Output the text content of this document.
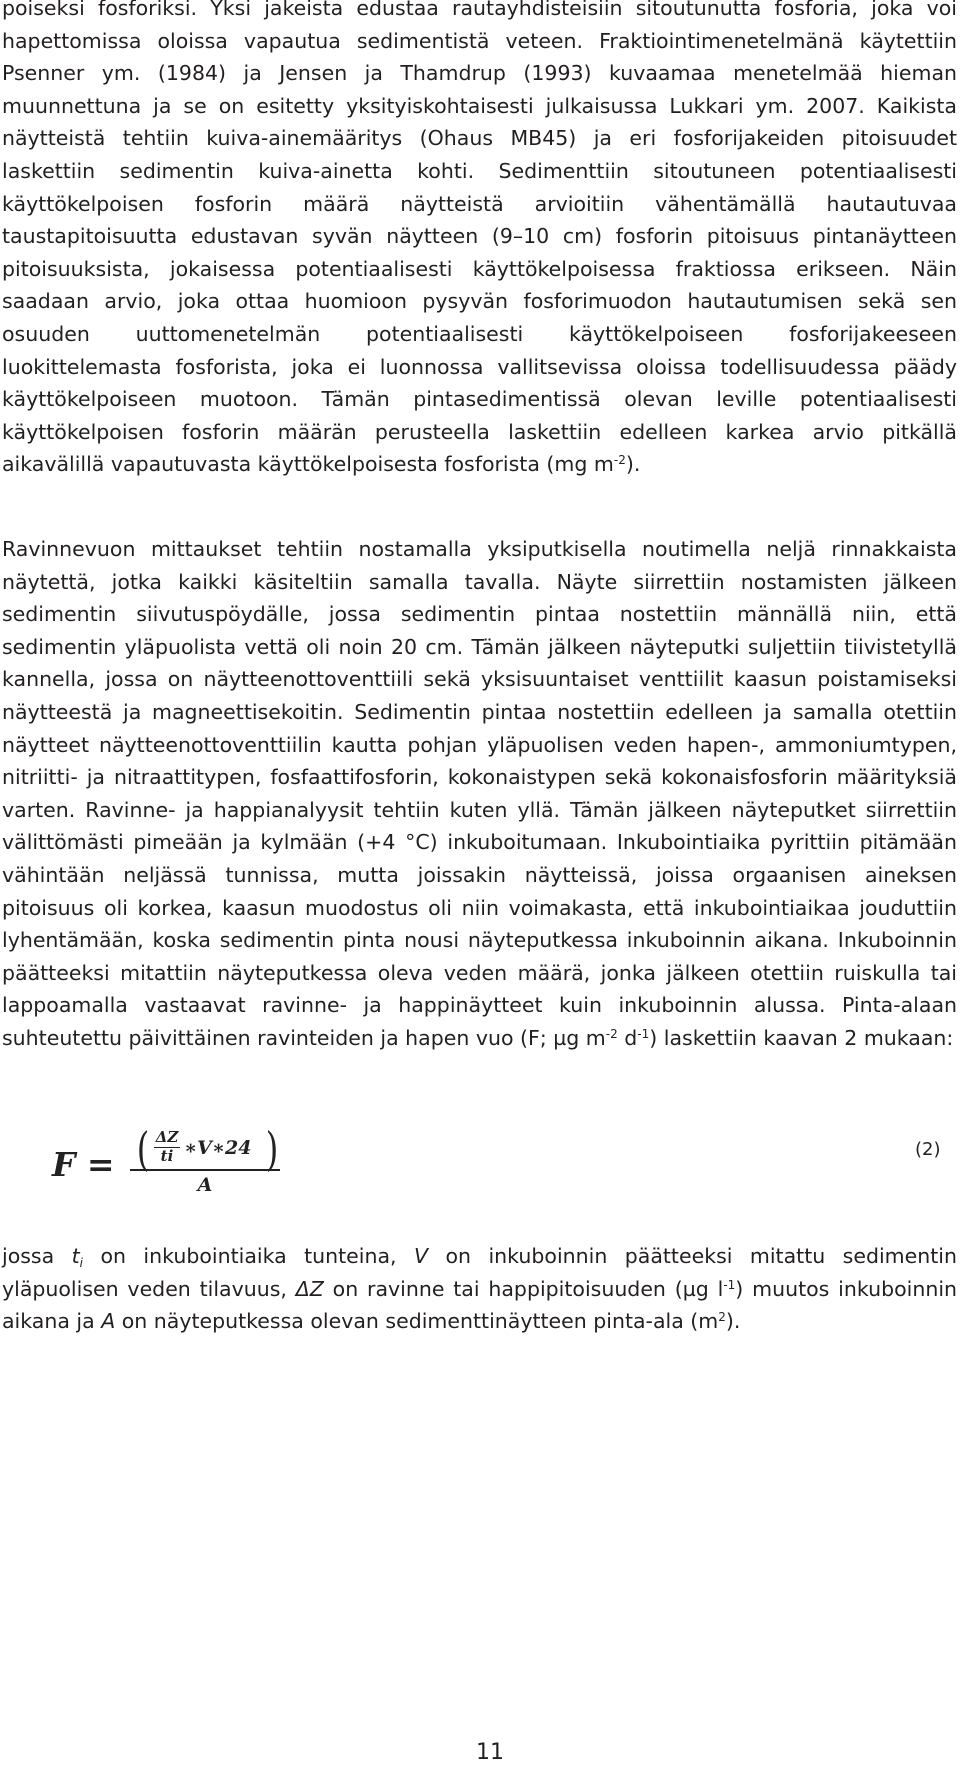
poiseksi fosforiksi. Yksi jakeista edustaa rautayhdisteisiin sitoutunutta fosforia, joka voi hapettomissa oloissa vapautua sedimentistä veteen. Fraktiointimenetelmänä käytettiin Psenner ym. (1984) ja Jensen ja Thamdrup (1993) kuvaamaa menetelmää hieman muunnettuna ja se on esitetty yksityiskohtaisesti julkaisussa Lukkari ym. 2007. Kaikista näytteistä tehtiin kuiva-ainemääritys (Ohaus MB45) ja eri fosforijakeiden pitoisuudet laskettiin sedimentin kuiva-ainetta kohti. Sedimenttiin sitoutuneen potentiaalisesti käyttökelpoisen fosforin määrä näytteistä arvioitiin vähentämällä hautautuvaa taustapitoisuutta edustavan syvän näytteen (9–10 cm) fosforin pitoisuus pintanäytteen pitoisuuksista, jokaisessa potentiaalisesti käyttökelpoisessa fraktiossa erikseen. Näin saadaan arvio, joka ottaa huomioon pysyvän fosforimuodon hautautumisen sekä sen osuuden uuttomenetelmän potentiaalisesti käyttökelpoiseen fosforijakeeseen luokittelemasta fosforista, joka ei luonnossa vallitsevissa oloissa todellisuudessa päädy käyttökelpoiseen muotoon. Tämän pintasedimentissä olevan leville potentiaalisesti käyttökelpoisen fosforin määrän perusteella laskettiin edelleen karkea arvio pitkällä aikavälillä vapautuvasta käyttökelpoisesta fosforista (mg $m^{-2}$).

Ravinnevuon mittaukset tehtiin nostamalla yksiputkisella noutimella neljä rinnakkaista näytettä, jotka kaikki käsiteltiin samalla tavalla. Näyte siirrettiin nostamisten jälkeen sedimentin siivutuspöydälle, jossa sedimentin pintaa nostettiin männällä niin, että sedimentin yläpuolista vettä oli noin 20 cm. Tämän jälkeen näyteputki suljettiin tiivistetyllä kannella, jossa on näytteenottoventtiili sekä yksisuuntaiset venttiilit kaasun poistamiseksi näytteestä ja magneettisekoitin. Sedimentin pintaa nostettiin edelleen ja samalla otettiin näytteet näytteenottoventtiilin kautta pohjan yläpuolisen veden hapen-, ammoniumtypen, nitriitti- ja nitraattitypen, fosfaattifosforin, kokonaistypen sekä kokonaisfosforin määrityksiä varten. Ravinne- ja happianalyysit tehtiin kuten yllä. Tämän jälkeen näyteputket siirrettiin välittömästi pimeään ja kylmään (+4 °C) inkuboitumaan. Inkubointiaika pyrittiin pitämään vähintään neljässä tunnissa, mutta joissakin näytteissä, joissa orgaanisen aineksen pitoisuus oli korkea, kaasun muodostus oli niin voimakasta, että inkubointiaikaa jouduttiin lyhentämään, koska sedimentin pinta nousi näyteputkessa inkuboinnin aikana. Inkuboinnin päätteeksi mitattiin näyteputkessa oleva veden määrä, jonka jälkeen otettiin ruiskulla tai lappoamalla vastaavat ravinne- ja happinäytteet kuin inkuboinnin alussa. Pinta-alaan suhteutettu päivittäinen ravinteiden ja hapen vuo (F; µg $m^{-2}$ $d^{-1}$) laskettiin kaavan 2 mukaan:

F = ( ΔZ
ti ∗V∗24 )
A
(2)

jossa $t_i$ on inkubointiaika tunteina, V on inkuboinnin päätteeksi mitattu sedimentin yläpuolisen veden tilavuus, ΔZ on ravinne tai happipitoisuuden (µg $l^{-1}$) muutos inkuboinnin aikana ja A on näyteputkessa olevan sedimenttinäytteen pinta-ala $(m^2)$.

11
